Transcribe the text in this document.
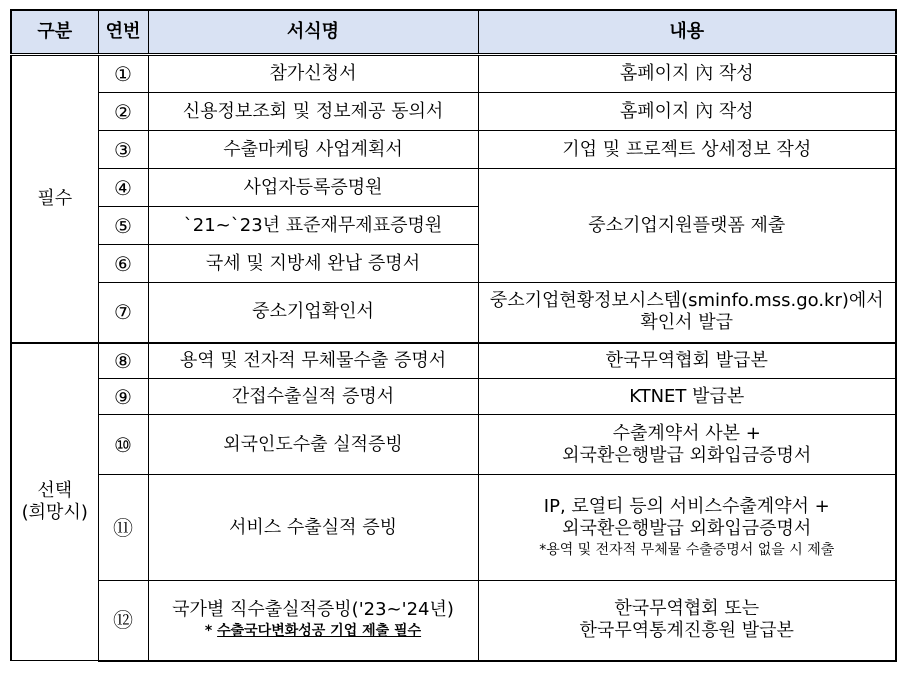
구분	연번	서식명	내용
필수	①	참가신청서	홈페이지 內 작성
	②	신용정보조회 및 정보제공 동의서	홈페이지 內 작성
	③	수출마케팅 사업계획서	기업 및 프로젝트 상세정보 작성
	④	사업자등록증명원	중소기업지원플랫폼 제출
	⑤	`21~`23년 표준재무제표증명원	
	⑥	국세 및 지방세 완납 증명서	
	⑦	중소기업확인서	중소기업현황정보시스템(sminfo.mss.go.kr)에서
확인서 발급

선택
(희망시)	⑧	용역 및 전자적 무체물수출 증명서	한국무역협회 발급본
	⑨	간접수출실적 증명서	KTNET 발급본
	⑩	외국인도수출 실적증빙	수출계약서 사본 +
외국환은행발급 외화입금증명서

	⑪	서비스 수출실적 증빙	IP, 로열티 등의 서비스수출계약서 +
외국환은행발급 외화입금증명서
*용역 및 전자적 무체물 수출증명서 없을 시 제출

	⑫	국가별 직수출실적증빙('23~'24년)
* 수출국다변화성공 기업 제출 필수	한국무역협회 또는
한국무역통계진흥원 발급본
